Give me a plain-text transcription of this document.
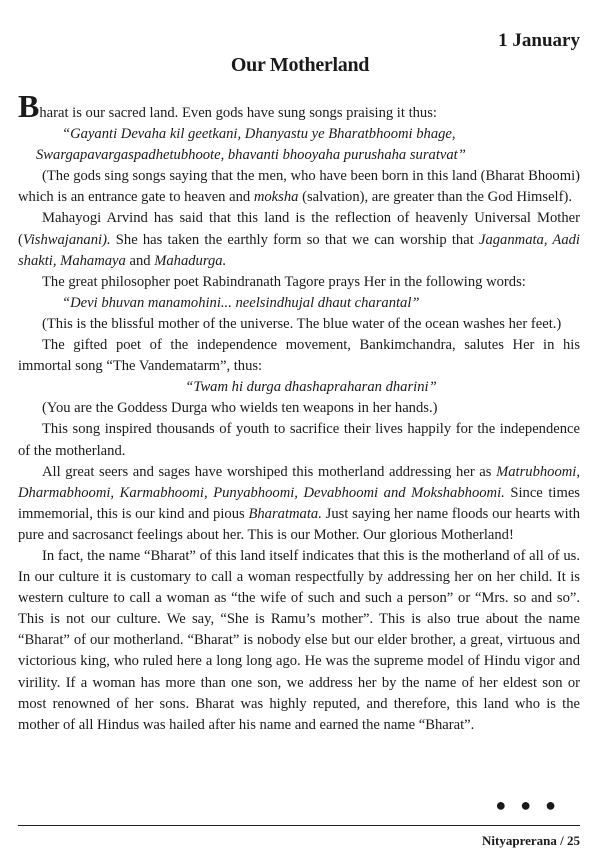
1 January
Our Motherland

Bharat is our sacred land. Even gods have sung songs praising it thus:

“Gayanti Devaha kil geetkani, Dhanyastu ye Bharatbhoomi bhage,
Swargapavargaspadhetubhoote, bhavanti bhooyaha purushaha suratvat”

(The gods sing songs saying that the men, who have been born in this land (Bharat Bhoomi) which is an entrance gate to heaven and moksha (salvation), are greater than the God Himself).

Mahayogi Arvind has said that this land is the reflection of heavenly Universal Mother (Vishwajanani). She has taken the earthly form so that we can worship that Jaganmata, Aadi shakti, Mahamaya and Mahadurga.

The great philosopher poet Rabindranath Tagore prays Her in the following words:

“Devi bhuvan manamohini... neelsindhujal dhaut charantal”

(This is the blissful mother of the universe. The blue water of the ocean washes her feet.)

The gifted poet of the independence movement, Bankimchandra, salutes Her in his immortal song “The Vandematarm”, thus:

“Twam hi durga dhashapraharan dharini”

(You are the Goddess Durga who wields ten weapons in her hands.)

This song inspired thousands of youth to sacrifice their lives happily for the independence of the motherland.

All great seers and sages have worshiped this motherland addressing her as Matrubhoomi, Dharmabhoomi, Karmabhoomi, Punyabhoomi, Devabhoomi and Mokshabhoomi. Since times immemorial, this is our kind and pious Bharatmata. Just saying her name floods our hearts with pure and sacrosanct feelings about her. This is our Mother. Our glorious Motherland!

In fact, the name “Bharat” of this land itself indicates that this is the motherland of all of us. In our culture it is customary to call a woman respectfully by addressing her on her child. It is western culture to call a woman as “the wife of such and such a person” or “Mrs. so and so”. This is not our culture. We say, “She is Ramu’s mother”. This is also true about the name “Bharat” of our motherland. “Bharat” is nobody else but our elder brother, a great, virtuous and victorious king, who ruled here a long long ago. He was the supreme model of Hindu vigor and virility. If a woman has more than one son, we address her by the name of her eldest son or most renowned of her sons. Bharat was highly reputed, and therefore, this land who is the mother of all Hindus was hailed after his name and earned the name “Bharat”.

●●●
Nityaprerana / 25
